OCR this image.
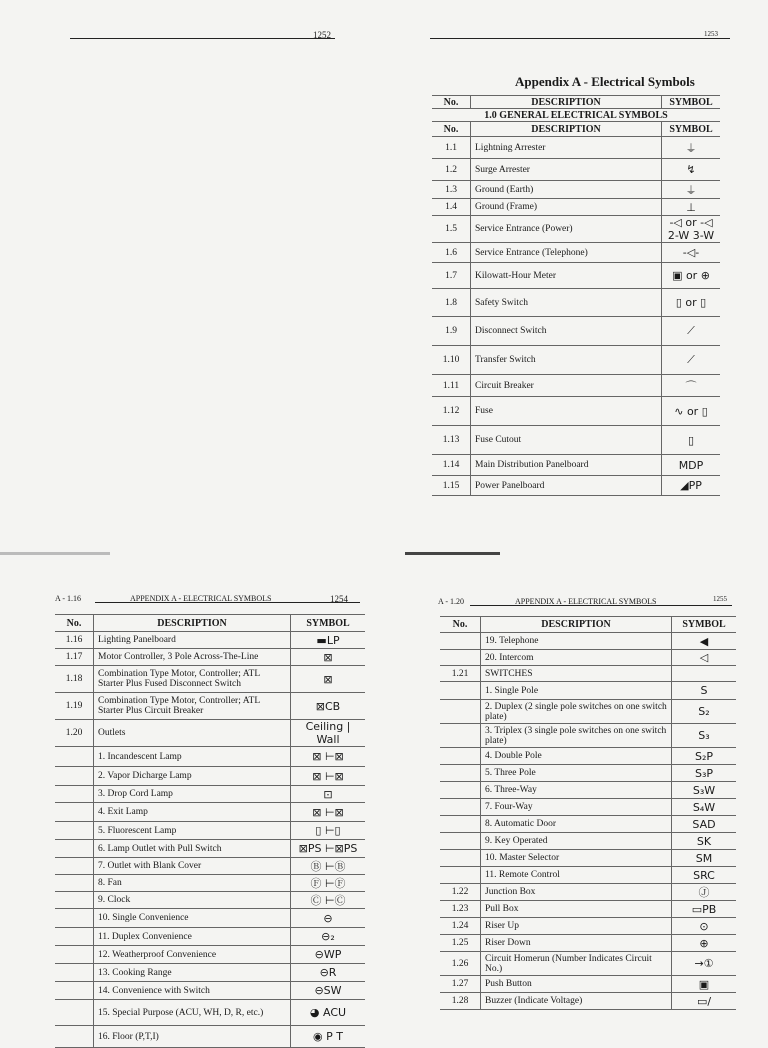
1252	1253
Appendix A - Electrical Symbols
No.	DESCRIPTION	SYMBOL
1.0 GENERAL ELECTRICAL SYMBOLS		
No.	DESCRIPTION	SYMBOL
1.1	Lightning Arrester	⏚
1.2	Surge Arrester	↯
1.3	Ground (Earth)	⏚
1.4	Ground (Frame)	⊥
1.5	Service Entrance (Power)	-◁ or -◁ 2-W 3-W
1.6	Service Entrance (Telephone)	-◁-
1.7	Kilowatt-Hour Meter	▣ or ⊕
1.8	Safety Switch	▯ or ▯
1.9	Disconnect Switch	⟋
1.10	Transfer Switch	⟋
1.11	Circuit Breaker	⌒
1.12	Fuse	∿ or ▯
1.13	Fuse Cutout	▯
1.14	Main Distribution Panelboard	MDP
1.15	Power Panelboard	◢PP
A - 1.16	APPENDIX A - ELECTRICAL SYMBOLS	1254
No.	DESCRIPTION	SYMBOL
1.16	Lighting Panelboard	▬LP
1.17	Motor Controller, 3 Pole Across-The-Line	⊠
1.18	Combination Type Motor, Controller; ATL Starter Plus Fused Disconnect Switch	⊠
1.19	Combination Type Motor, Controller; ATL Starter Plus Circuit Breaker	⊠CB
1.20	Outlets	Ceiling | Wall
	1. Incandescent Lamp	⊠ ⊢⊠
	2. Vapor Dicharge Lamp	⊠ ⊢⊠
	3. Drop Cord Lamp	⊡
	4. Exit Lamp	⊠ ⊢⊠
	5. Fluorescent Lamp	▯ ⊢▯
	6. Lamp Outlet with Pull Switch	⊠PS ⊢⊠PS
	7. Outlet with Blank Cover	Ⓑ ⊢Ⓑ
	8. Fan	Ⓕ ⊢Ⓕ
	9. Clock	Ⓒ ⊢Ⓒ
	10. Single Convenience	⊖
	11. Duplex Convenience	⊖₂
	12. Weatherproof Convenience	⊖WP
	13. Cooking Range	⊖R
	14. Convenience with Switch	⊖SW
	15. Special Purpose (ACU, WH, D, R, etc.)	◕ ACU
	16. Floor (P,T,I)	◉ P T
A - 1.20	APPENDIX A - ELECTRICAL SYMBOLS	1255
No.	DESCRIPTION	SYMBOL
	19. Telephone	◀
	20. Intercom	◁
1.21	SWITCHES	
	1. Single Pole	S
	2. Duplex (2 single pole switches on one switch plate)	S₂
	3. Triplex (3 single pole switches on one switch plate)	S₃
	4. Double Pole	S₂P
	5. Three Pole	S₃P
	6. Three-Way	S₃W
	7. Four-Way	S₄W
	8. Automatic Door	SAD
	9. Key Operated	SK
	10. Master Selector	SM
	11. Remote Control	SRC
1.22	Junction Box	Ⓙ
1.23	Pull Box	▭PB
1.24	Riser Up	⊙
1.25	Riser Down	⊕
1.26	Circuit Homerun (Number Indicates Circuit No.)	→①
1.27	Push Button	▣
1.28	Buzzer (Indicate Voltage)	▭/
